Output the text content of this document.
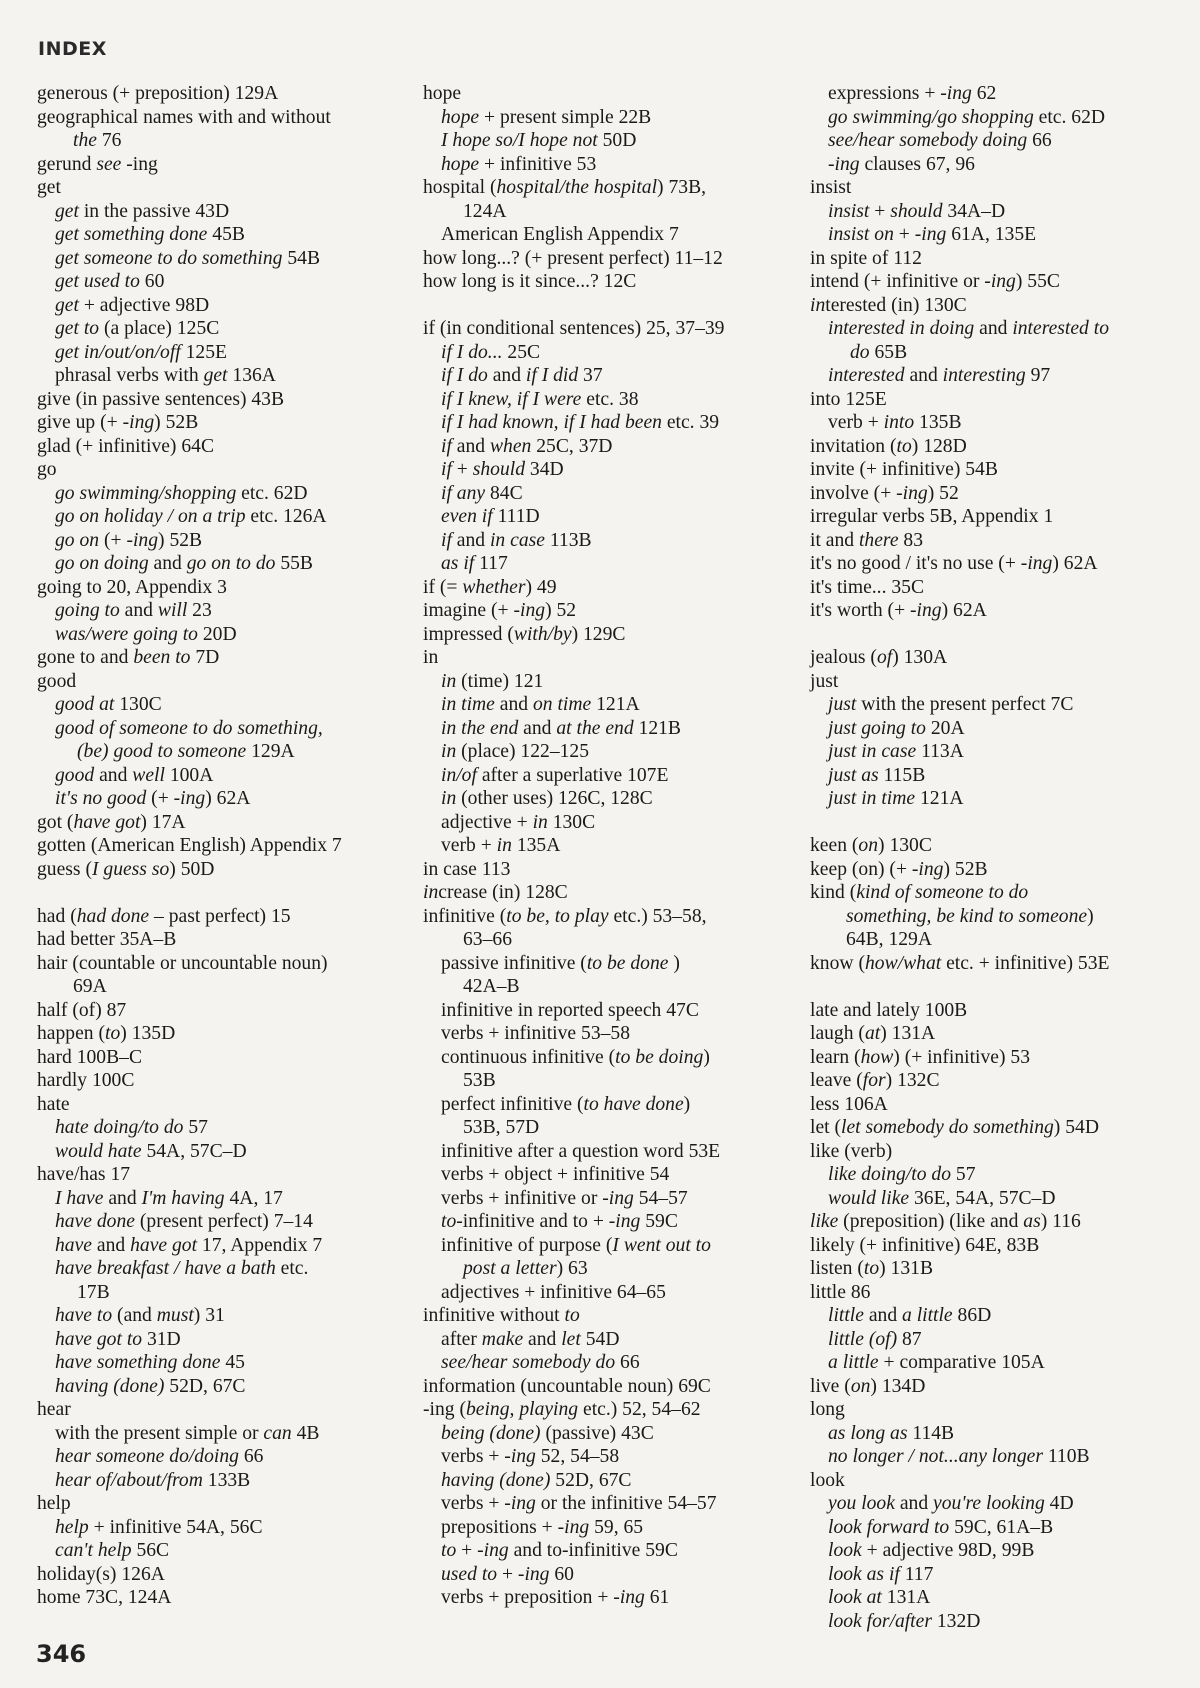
INDEX
generous (+ preposition) 129A
geographical names with and without
the 76
gerund see -ing
get
get in the passive 43D
get something done 45B
get someone to do something 54B
get used to 60
get + adjective 98D
get to (a place) 125C
get in/out/on/off 125E
phrasal verbs with get 136A
give (in passive sentences) 43B
give up (+ -ing) 52B
glad (+ infinitive) 64C
go
go swimming/shopping etc. 62D
go on holiday / on a trip etc. 126A
go on (+ -ing) 52B
go on doing and go on to do 55B
going to 20, Appendix 3
going to and will 23
was/were going to 20D
gone to and been to 7D
good
good at 130C
good of someone to do something,
(be) good to someone 129A
good and well 100A
it's no good (+ -ing) 62A
got (have got) 17A
gotten (American English) Appendix 7
guess (I guess so) 50D
had (had done – past perfect) 15
had better 35A–B
hair (countable or uncountable noun)
69A
half (of) 87
happen (to) 135D
hard 100B–C
hardly 100C
hate
hate doing/to do 57
would hate 54A, 57C–D
have/has 17
I have and I'm having 4A, 17
have done (present perfect) 7–14
have and have got 17, Appendix 7
have breakfast / have a bath etc.
17B
have to (and must) 31
have got to 31D
have something done 45
having (done) 52D, 67C
hear
with the present simple or can 4B
hear someone do/doing 66
hear of/about/from 133B
help
help + infinitive 54A, 56C
can't help 56C
holiday(s) 126A
home 73C, 124A
hope
hope + present simple 22B
I hope so/I hope not 50D
hope + infinitive 53
hospital (hospital/the hospital) 73B,
124A
American English Appendix 7
how long...? (+ present perfect) 11–12
how long is it since...? 12C
if (in conditional sentences) 25, 37–39
if I do... 25C
if I do and if I did 37
if I knew, if I were etc. 38
if I had known, if I had been etc. 39
if and when 25C, 37D
if + should 34D
if any 84C
even if 111D
if and in case 113B
as if 117
if (= whether) 49
imagine (+ -ing) 52
impressed (with/by) 129C
in
in (time) 121
in time and on time 121A
in the end and at the end 121B
in (place) 122–125
in/of after a superlative 107E
in (other uses) 126C, 128C
adjective + in 130C
verb + in 135A
in case 113
increase (in) 128C
infinitive (to be, to play etc.) 53–58,
63–66
passive infinitive (to be done )
42A–B
infinitive in reported speech 47C
verbs + infinitive 53–58
continuous infinitive (to be doing)
53B
perfect infinitive (to have done)
53B, 57D
infinitive after a question word 53E
verbs + object + infinitive 54
verbs + infinitive or -ing 54–57
to-infinitive and to + -ing 59C
infinitive of purpose (I went out to
post a letter) 63
adjectives + infinitive 64–65
infinitive without to
after make and let 54D
see/hear somebody do 66
information (uncountable noun) 69C
-ing (being, playing etc.) 52, 54–62
being (done) (passive) 43C
verbs + -ing 52, 54–58
having (done) 52D, 67C
verbs + -ing or the infinitive 54–57
prepositions + -ing 59, 65
to + -ing and to-infinitive 59C
used to + -ing 60
verbs + preposition + -ing 61
expressions + -ing 62
go swimming/go shopping etc. 62D
see/hear somebody doing 66
-ing clauses 67, 96
insist
insist + should 34A–D
insist on + -ing 61A, 135E
in spite of 112
intend (+ infinitive or -ing) 55C
interested (in) 130C
interested in doing and interested to
do 65B
interested and interesting 97
into 125E
verb + into 135B
invitation (to) 128D
invite (+ infinitive) 54B
involve (+ -ing) 52
irregular verbs 5B, Appendix 1
it and there 83
it's no good / it's no use (+ -ing) 62A
it's time... 35C
it's worth (+ -ing) 62A
jealous (of) 130A
just
just with the present perfect 7C
just going to 20A
just in case 113A
just as 115B
just in time 121A
keen (on) 130C
keep (on) (+ -ing) 52B
kind (kind of someone to do
something, be kind to someone)
64B, 129A
know (how/what etc. + infinitive) 53E
late and lately 100B
laugh (at) 131A
learn (how) (+ infinitive) 53
leave (for) 132C
less 106A
let (let somebody do something) 54D
like (verb)
like doing/to do 57
would like 36E, 54A, 57C–D
like (preposition) (like and as) 116
likely (+ infinitive) 64E, 83B
listen (to) 131B
little 86
little and a little 86D
little (of) 87
a little + comparative 105A
live (on) 134D
long
as long as 114B
no longer / not...any longer 110B
look
you look and you're looking 4D
look forward to 59C, 61A–B
look + adjective 98D, 99B
look as if 117
look at 131A
look for/after 132D
346
